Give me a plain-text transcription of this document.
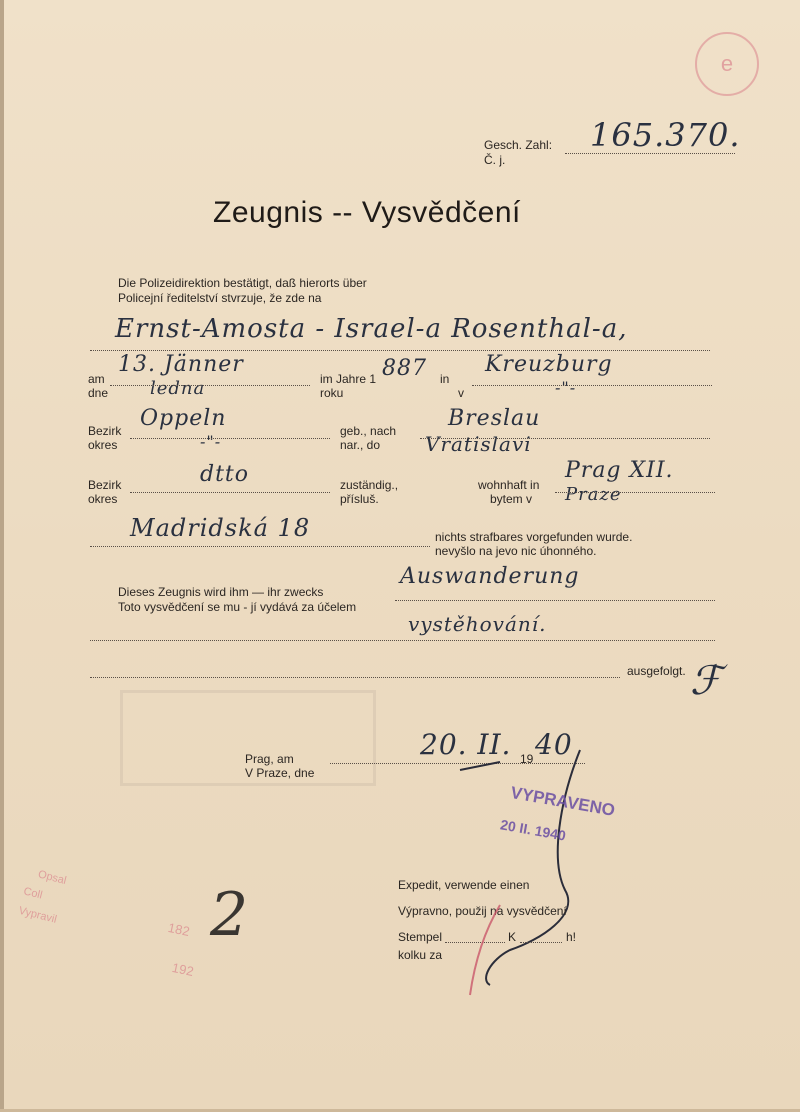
e
Gesch. Zahl:
Č. j.
165.370.
Zeugnis -- Vysvědčení
Die Polizeidirektion bestätigt, daß hierorts über
Policejní ředitelství stvrzuje, že zde na
Ernst-Amosta - Israel-a Rosenthal-a,
am
dne
13. Jänner
ledna	im Jahre 1
roku
887 in
v
Kreuzburg
-"-
Bezirk
okres
Oppeln
-"-
geb., nach
nar., do
Breslau
Vratislavi
Bezirk
okres
dtto	zuständig.,
přísluš.
wohnhaft in
bytem v
Prag XII.
Praze
Madridská 18	nichts strafbares vorgefunden wurde.
nevyšlo na jevo nic úhonného.
Dieses Zeugnis wird ihm — ihr zwecks
Toto vysvědčení se mu - jí vydává za účelem
Auswanderung
vystěhování.
ausgefolgt. ℱ
Prag, am
V Praze, dne
20. II. 19 40
VYPRAVENO
20 II. 1940
Opsal
Coll
Vypravil
182
192
2	Expedit, verwende einen
Výpravno, použij na vysvědčení
Stempel	K	h!
kolku za
